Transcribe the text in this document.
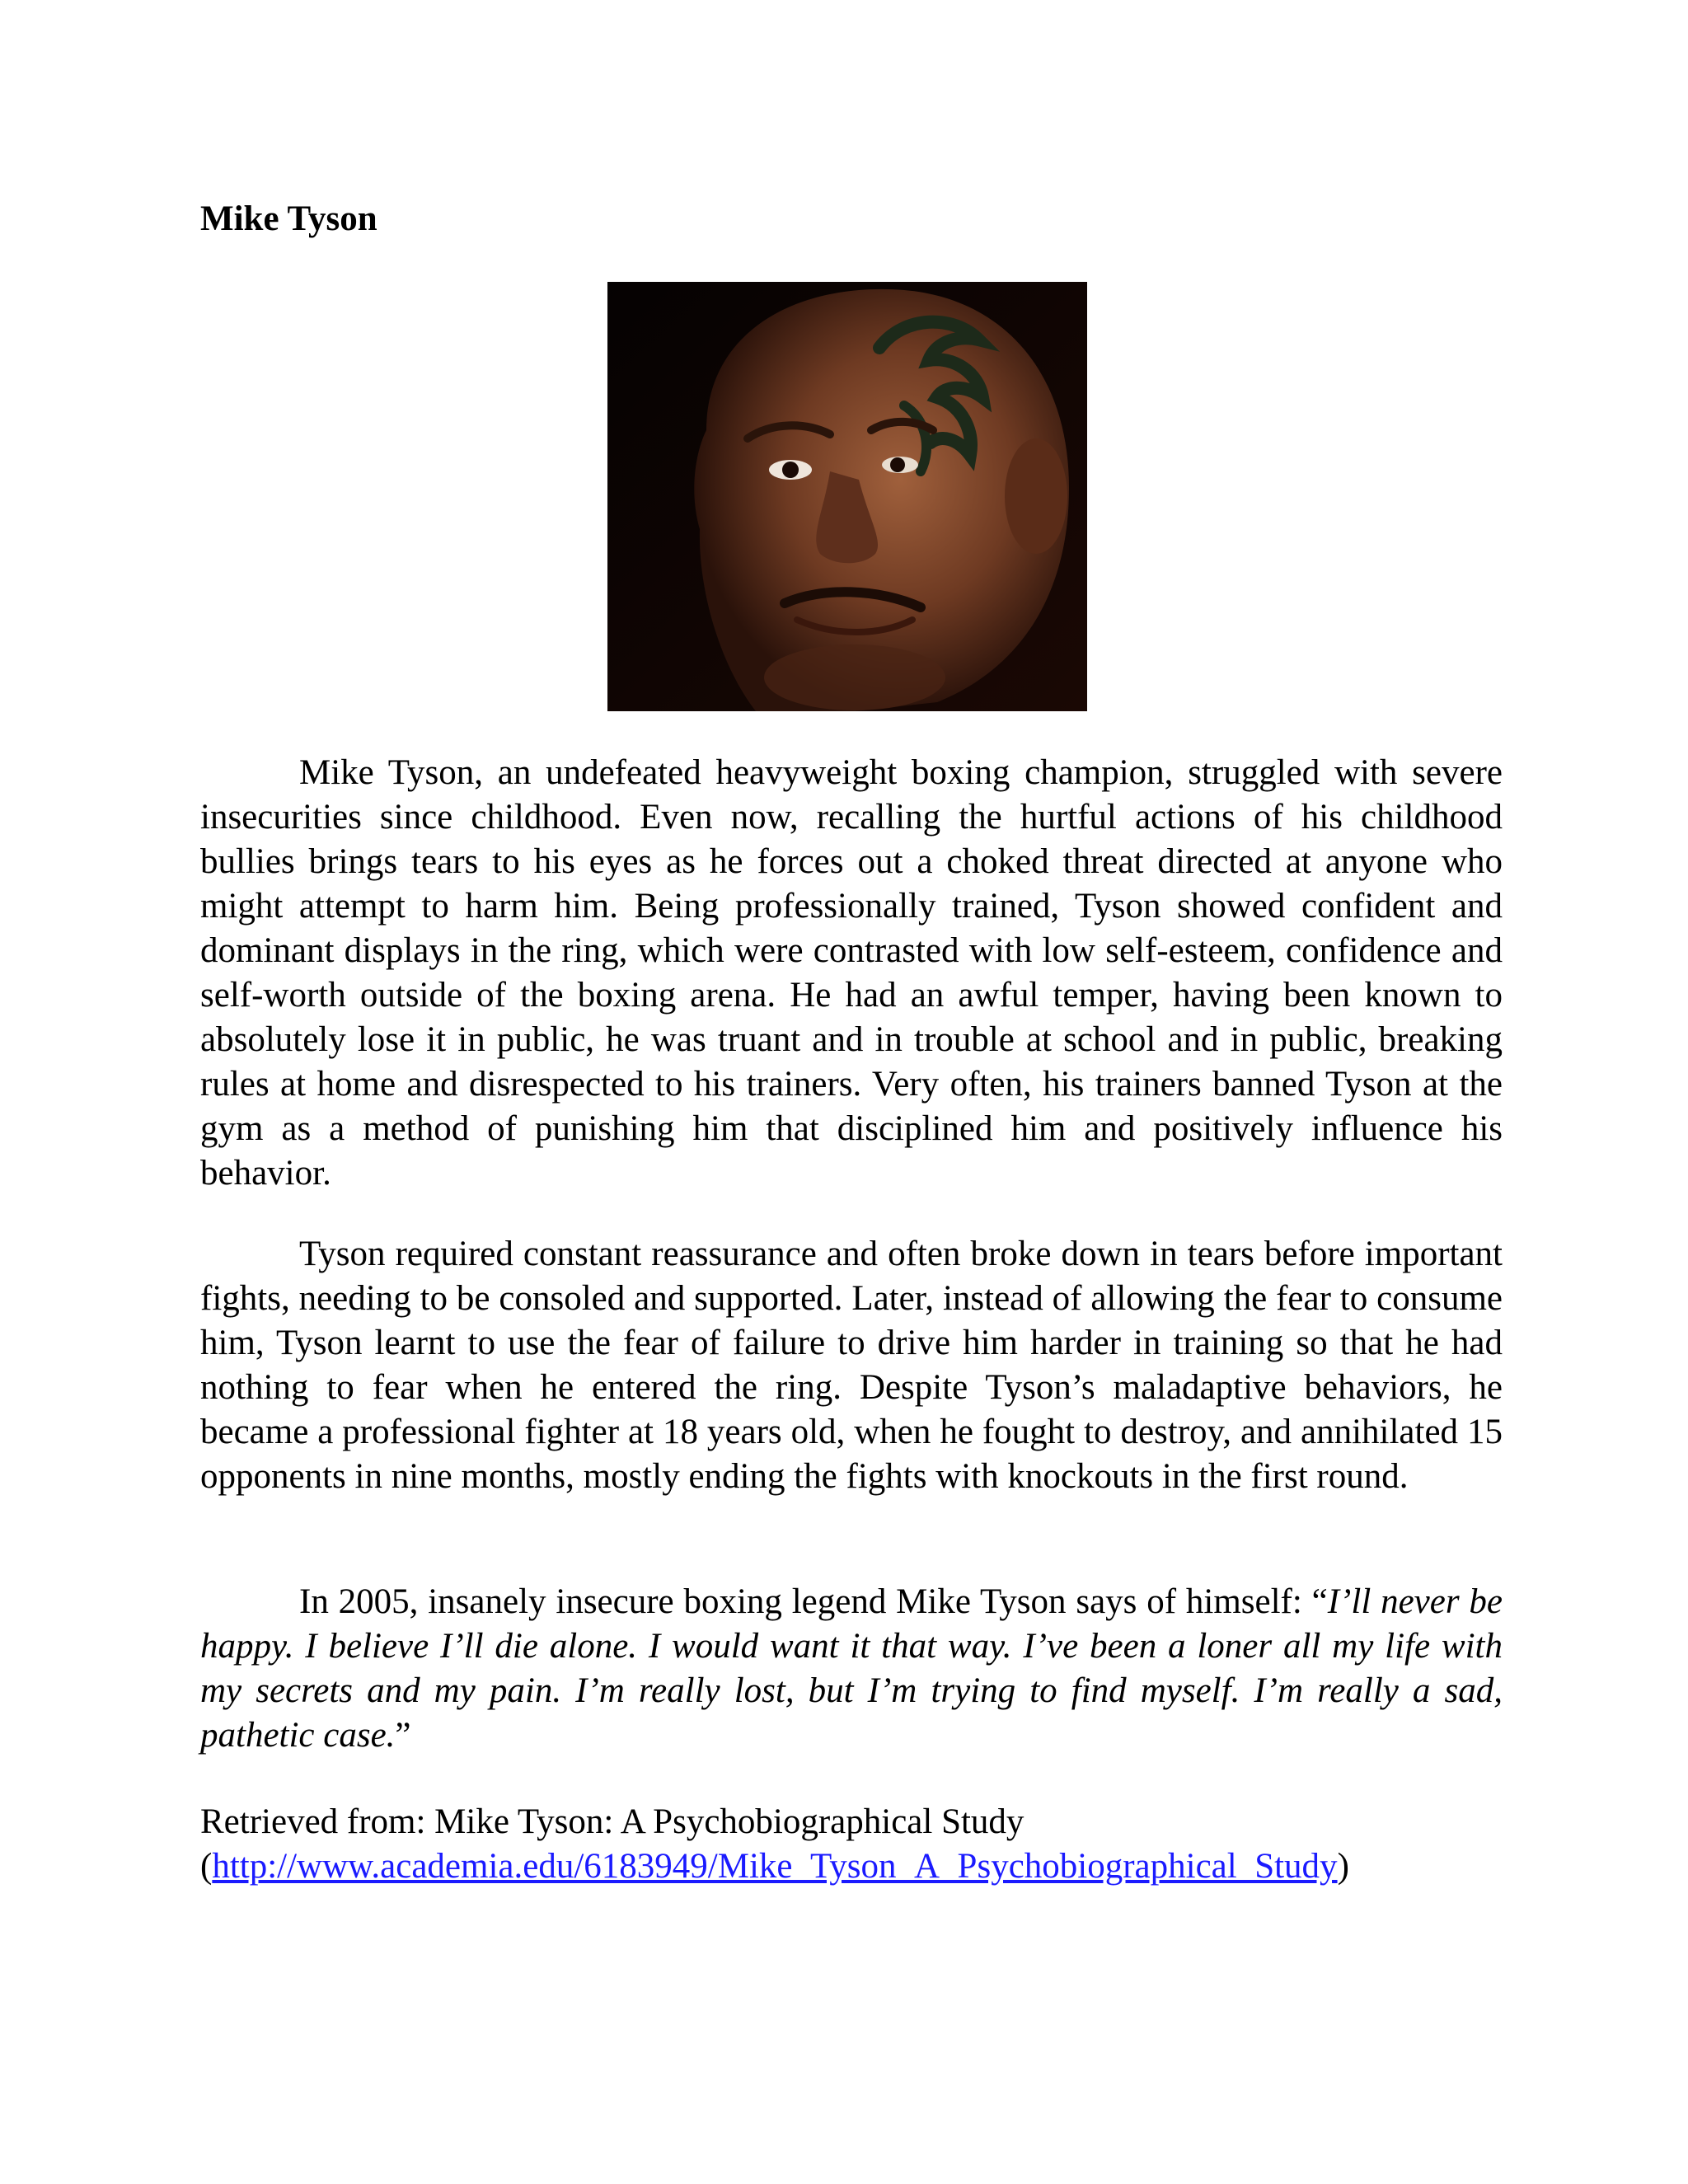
Mike Tyson

Mike Tyson, an undefeated heavyweight boxing champion, struggled with severe insecurities since childhood. Even now, recalling the hurtful actions of his childhood bullies brings tears to his eyes as he forces out a choked threat directed at anyone who might attempt to harm him. Being professionally trained, Tyson showed confident and dominant displays in the ring, which were contrasted with low self-esteem, confidence and self-worth outside of the boxing arena. He had an awful temper, having been known to absolutely lose it in public, he was truant and in trouble at school and in public, breaking rules at home and disrespected to his trainers. Very often, his trainers banned Tyson at the gym as a method of punishing him that disciplined him and positively influence his behavior.

Tyson required constant reassurance and often broke down in tears before important fights, needing to be consoled and supported. Later, instead of allowing the fear to consume him, Tyson learnt to use the fear of failure to drive him harder in training so that he had nothing to fear when he entered the ring. Despite Tyson’s maladaptive behaviors, he became a professional fighter at 18 years old, when he fought to destroy, and annihilated 15 opponents in nine months, mostly ending the fights with knockouts in the first round.

In 2005, insanely insecure boxing legend Mike Tyson says of himself: “I’ll never be happy. I believe I’ll die alone. I would want it that way. I’ve been a loner all my life with my secrets and my pain. I’m really lost, but I’m trying to find myself. I’m really a sad, pathetic case.”

Retrieved from: Mike Tyson: A Psychobiographical Study
(http://www.academia.edu/6183949/Mike_Tyson_A_Psychobiographical_Study)
